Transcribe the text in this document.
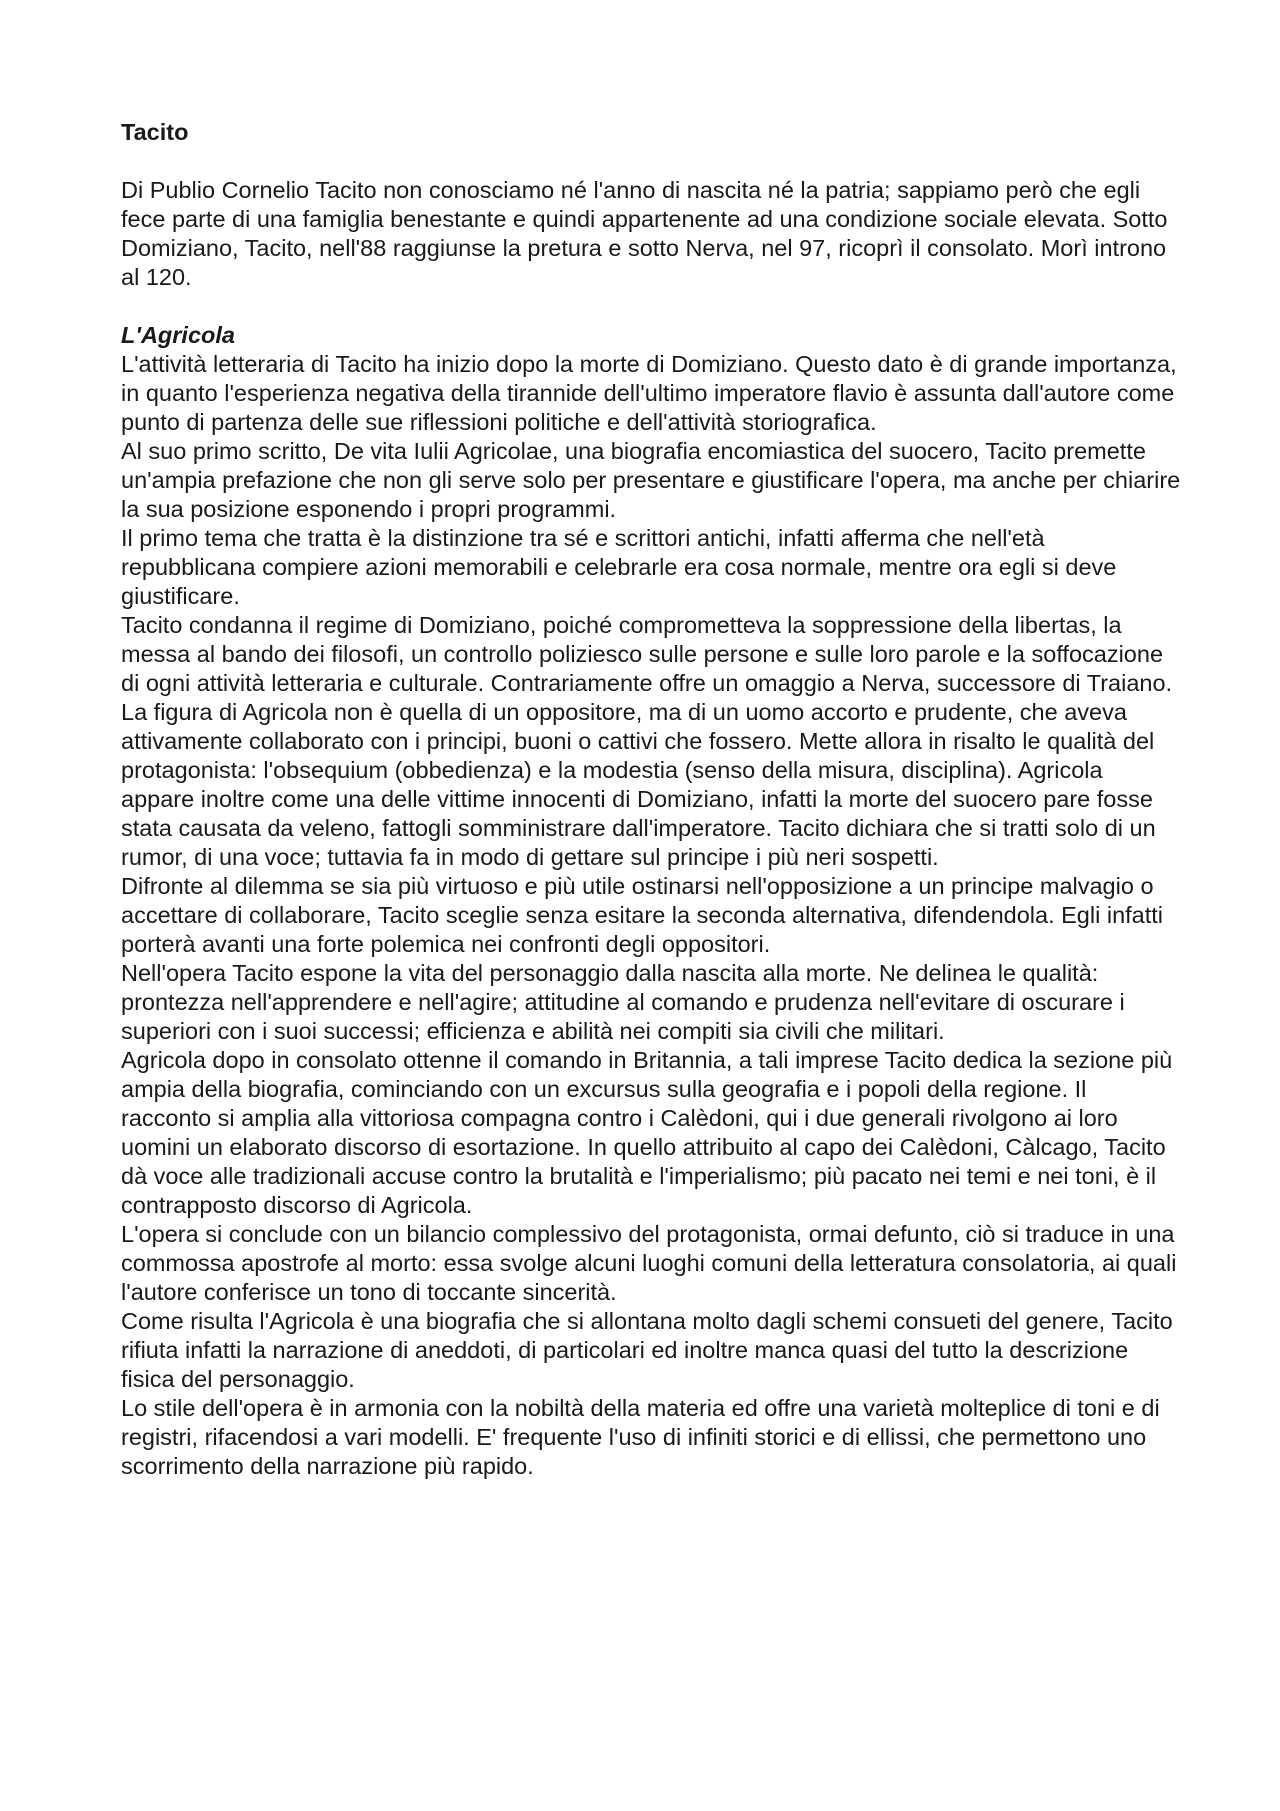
Tacito

Di Publio Cornelio Tacito non conosciamo né l'anno di nascita né la patria; sappiamo però che egli fece parte di una famiglia benestante e quindi appartenente ad una condizione sociale elevata. Sotto Domiziano, Tacito, nell'88 raggiunse la pretura e sotto Nerva, nel 97, ricoprì il consolato. Morì introno al 120.

L'Agricola

L'attività letteraria di Tacito ha inizio dopo la morte di Domiziano. Questo dato è di grande importanza, in quanto l'esperienza negativa della tirannide dell'ultimo imperatore flavio è assunta dall'autore come punto di partenza delle sue riflessioni politiche e dell'attività storiografica.

Al suo primo scritto, De vita Iulii Agricolae, una biografia encomiastica del suocero, Tacito premette un'ampia prefazione che non gli serve solo per presentare e giustificare l'opera, ma anche per chiarire la sua posizione esponendo i propri programmi.

Il primo tema che tratta è la distinzione tra sé e scrittori antichi, infatti afferma che nell'età repubblicana compiere azioni memorabili e celebrarle era cosa normale, mentre ora egli si deve giustificare.

Tacito condanna il regime di Domiziano, poiché comprometteva la soppressione della libertas, la messa al bando dei filosofi, un controllo poliziesco sulle persone e sulle loro parole e la soffocazione di ogni attività letteraria e culturale. Contrariamente offre un omaggio a Nerva, successore di Traiano.

La figura di Agricola non è quella di un oppositore, ma di un uomo accorto e prudente, che aveva attivamente collaborato con i principi, buoni o cattivi che fossero. Mette allora in risalto le qualità del protagonista: l'obsequium (obbedienza) e la modestia (senso della misura, disciplina). Agricola appare inoltre come una delle vittime innocenti di Domiziano, infatti la morte del suocero pare fosse stata causata da veleno, fattogli somministrare dall'imperatore. Tacito dichiara che si tratti solo di un rumor, di una voce; tuttavia fa in modo di gettare sul principe i più neri sospetti.

Difronte al dilemma se sia più virtuoso e più utile ostinarsi nell'opposizione a un principe malvagio o accettare di collaborare, Tacito sceglie senza esitare la seconda alternativa, difendendola. Egli infatti porterà avanti una forte polemica nei confronti degli oppositori.

Nell'opera Tacito espone la vita del personaggio dalla nascita alla morte. Ne delinea le qualità: prontezza nell'apprendere e nell'agire; attitudine al comando e prudenza nell'evitare di oscurare i superiori con i suoi successi; efficienza e abilità nei compiti sia civili che militari.

Agricola dopo in consolato ottenne il comando in Britannia, a tali imprese Tacito dedica la sezione più ampia della biografia, cominciando con un excursus sulla geografia e i popoli della regione. Il racconto si amplia alla vittoriosa compagna contro i Calèdoni, qui i due generali rivolgono ai loro uomini un elaborato discorso di esortazione. In quello attribuito al capo dei Calèdoni, Càlcago, Tacito dà voce alle tradizionali accuse contro la brutalità e l'imperialismo; più pacato nei temi e nei toni, è il contrapposto discorso di Agricola.

L'opera si conclude con un bilancio complessivo del protagonista, ormai defunto, ciò si traduce in una commossa apostrofe al morto: essa svolge alcuni luoghi comuni della letteratura consolatoria, ai quali l'autore conferisce un tono di toccante sincerità.

Come risulta l'Agricola è una biografia che si allontana molto dagli schemi consueti del genere, Tacito rifiuta infatti la narrazione di aneddoti, di particolari ed inoltre manca quasi del tutto la descrizione fisica del personaggio.

Lo stile dell'opera è in armonia con la nobiltà della materia ed offre una varietà molteplice di toni e di registri, rifacendosi a vari modelli. E' frequente l'uso di infiniti storici e di ellissi, che permettono uno scorrimento della narrazione più rapido.
